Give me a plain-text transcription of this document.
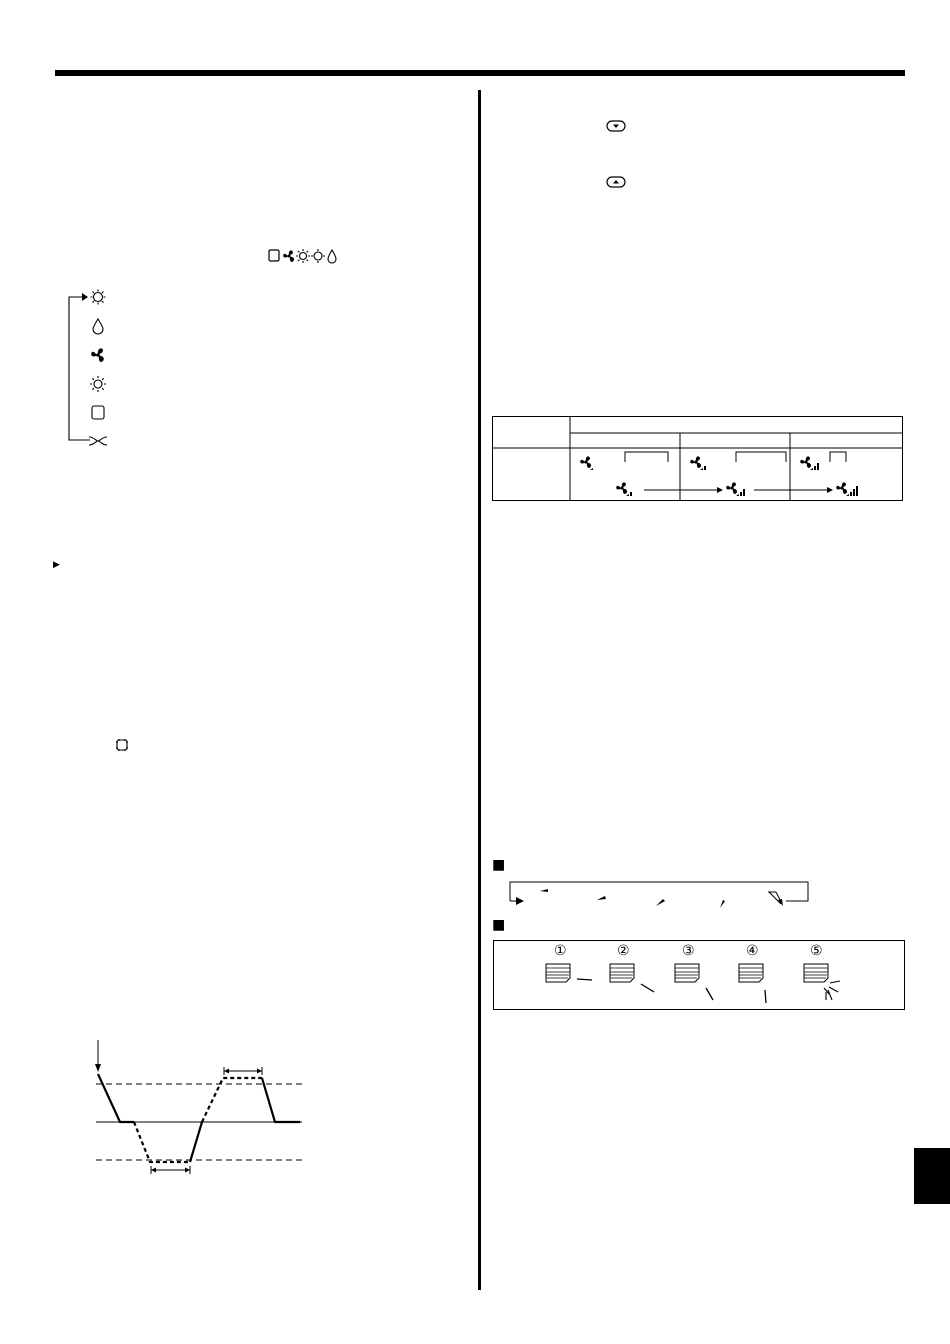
▶
■
■
①	②	③	④	⑤
